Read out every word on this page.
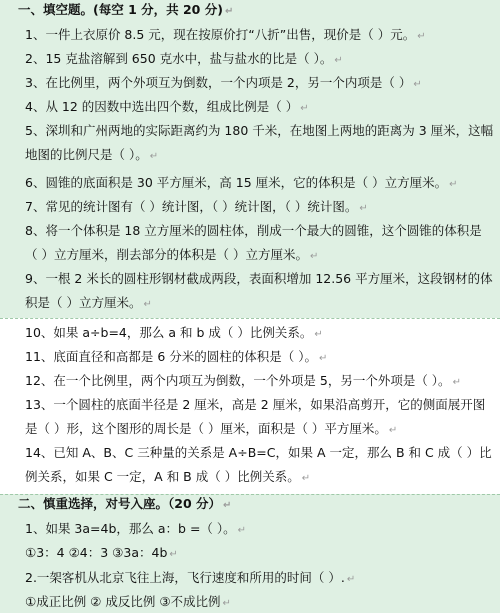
一、填空题。(每空 1 分，共 20 分) ↵
1、一件上衣原价 8.5 元，现在按原价打“八折”出售，现价是（ ）元。 ↵
2、15 克盐溶解到 650 克水中，盐与盐水的比是（ ）。 ↵
3、在比例里，两个外项互为倒数，一个内项是 2，另一个内项是（ ） ↵
4、从 12 的因数中选出四个数，组成比例是（ ） ↵
5、深圳和广州两地的实际距离约为 180 千米，在地图上两地的距离为 3 厘米，这幅地图的比例尺是（ ）。 ↵
6、圆锥的底面积是 30 平方厘米，高 15 厘米，它的体积是（ ）立方厘米。 ↵
7、常见的统计图有（ ）统计图，（ ）统计图，（ ）统计图。 ↵
8、将一个体积是 18 立方厘米的圆柱体，削成一个最大的圆锥，这个圆锥的体积是（ ）立方厘米，削去部分的体积是（ ）立方厘米。 ↵
9、一根 2 米长的圆柱形钢材截成两段，表面积增加 12.56 平方厘米，这段钢材的体积是（ ）立方厘米。 ↵
10、如果 a÷b=4，那么 a 和 b 成（ ）比例关系。 ↵
11、底面直径和高都是 6 分米的圆柱的体积是（ ）。 ↵
12、在一个比例里，两个内项互为倒数，一个外项是 5，另一个外项是（ ）。 ↵
13、一个圆柱的底面半径是 2 厘米，高是 2 厘米，如果沿高剪开，它的侧面展开图是（ ）形，这个图形的周长是（ ）厘米，面积是（ ）平方厘米。 ↵
14、已知 A、B、C 三种量的关系是 A÷B=C，如果 A 一定，那么 B 和 C 成（ ）比例关系，如果 C 一定，A 和 B 成（ ）比例关系。 ↵
二、慎重选择，对号入座。（20 分） ↵
1、如果 3a=4b，那么 a：b =（ ）。 ↵
①3：4 ②4：3 ③3a：4b ↵
2.一架客机从北京飞往上海，飞行速度和所用的时间（ ）. ↵
①成正比例 ② 成反比例 ③不成比例 ↵
